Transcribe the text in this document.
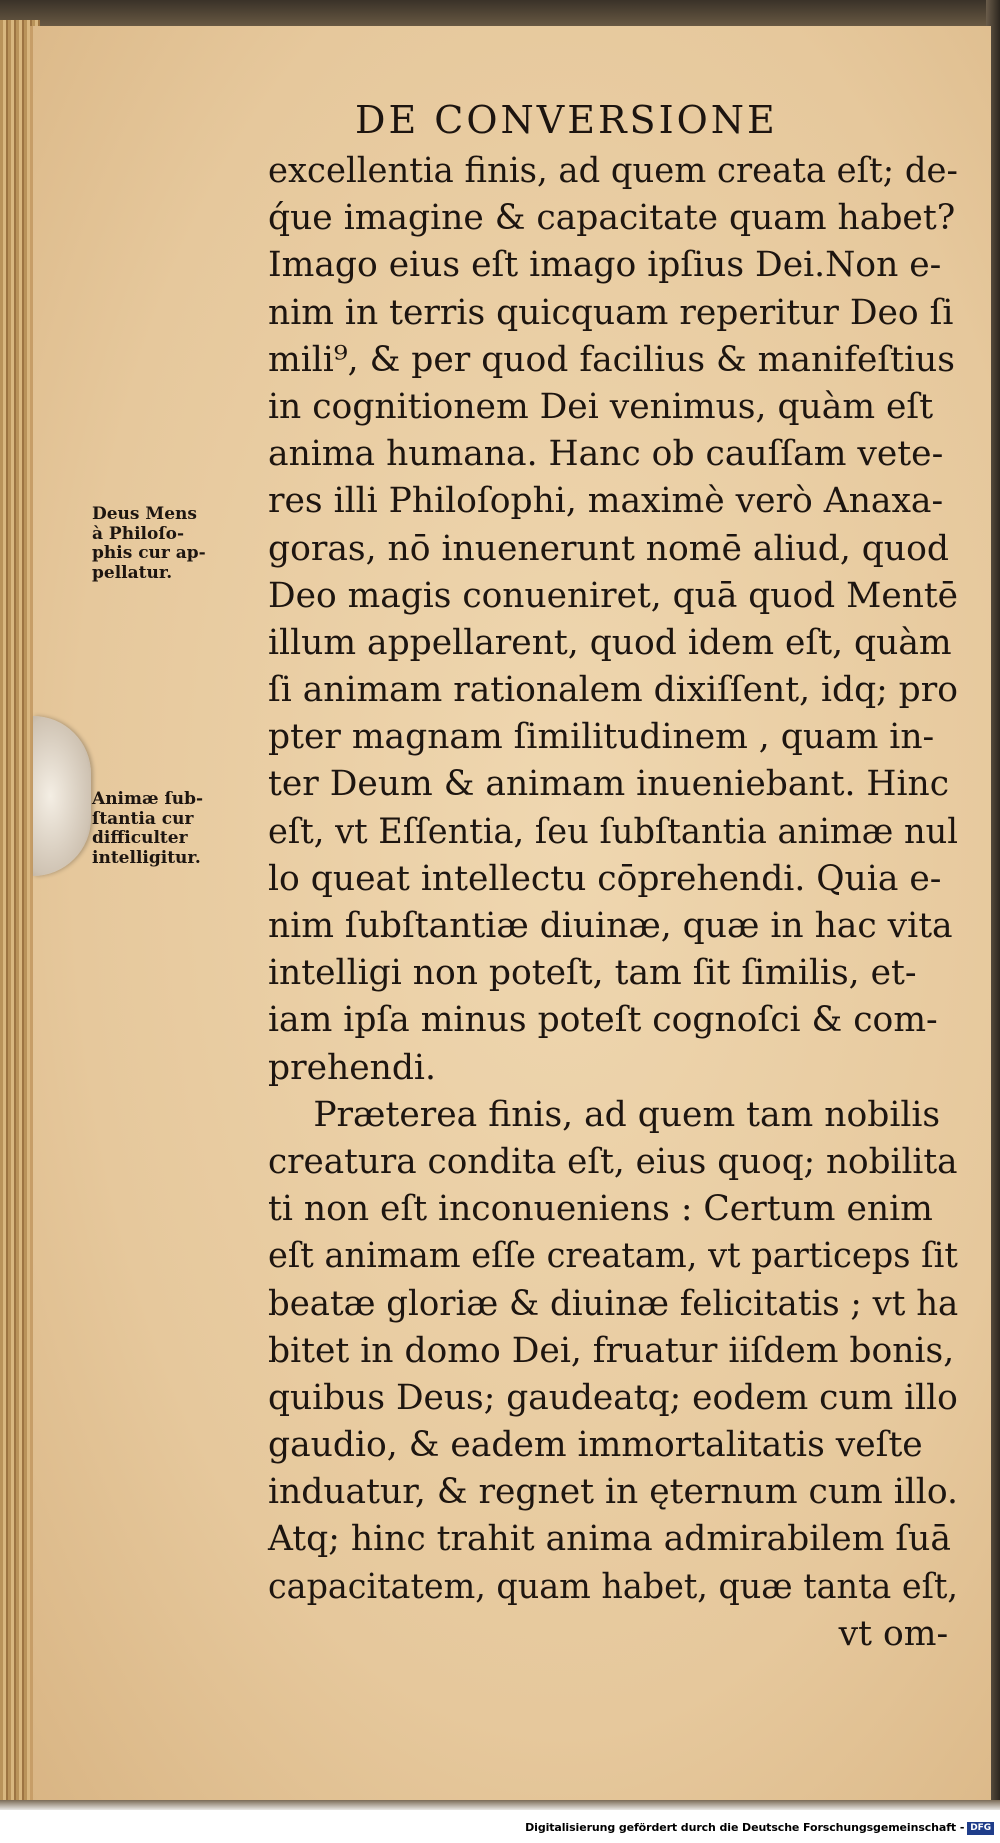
DE CONVERSIONE
Deus Mens
à Philoſo-
phis cur ap-
pellatur.
Animæ ſub-
ſtantia cur
difficulter
intelligitur.
excellentia finis, ad quem creata eſt; de-
q́ue imagine & capacitate quam habet?
Imago eius eſt imago ipſius Dei.Non e-
nim in terris quicquam reperitur Deo ſi
mili⁹, & per quod facilius & manifeſtius
in cognitionem Dei venimus, quàm eſt
anima humana. Hanc ob cauſſam vete-
res illi Philoſophi, maximè verò Anaxa-
goras, nō inuenerunt nomē aliud, quod
Deo magis conueniret, quā quod Mentē
illum appellarent, quod idem eſt, quàm
ſi animam rationalem dixiſſent, idq; pro
pter magnam ſimilitudinem , quam in-
ter Deum & animam inueniebant. Hinc
eſt, vt Eſſentia, ſeu ſubſtantia animæ nul
lo queat intellectu cōprehendi. Quia e-
nim ſubſtantiæ diuinæ, quæ in hac vita
intelligi non poteſt, tam ſit ſimilis, et-
iam ipſa minus poteſt cognoſci & com-
prehendi.
Præterea finis, ad quem tam nobilis
creatura condita eſt, eius quoq; nobilita
ti non eſt inconueniens : Certum enim
eſt animam eſſe creatam, vt particeps ſit
beatæ gloriæ & diuinæ felicitatis ; vt ha
bitet in domo Dei, fruatur iiſdem bonis,
quibus Deus; gaudeatq; eodem cum illo
gaudio, & eadem immortalitatis veſte
induatur, & regnet in ęternum cum illo.
Atq; hinc trahit anima admirabilem ſuā
capacitatem, quam habet, quæ tanta eſt,
vt om-
Digitalisierung gefördert durch die Deutsche Forschungsgemeinschaft - DFG
